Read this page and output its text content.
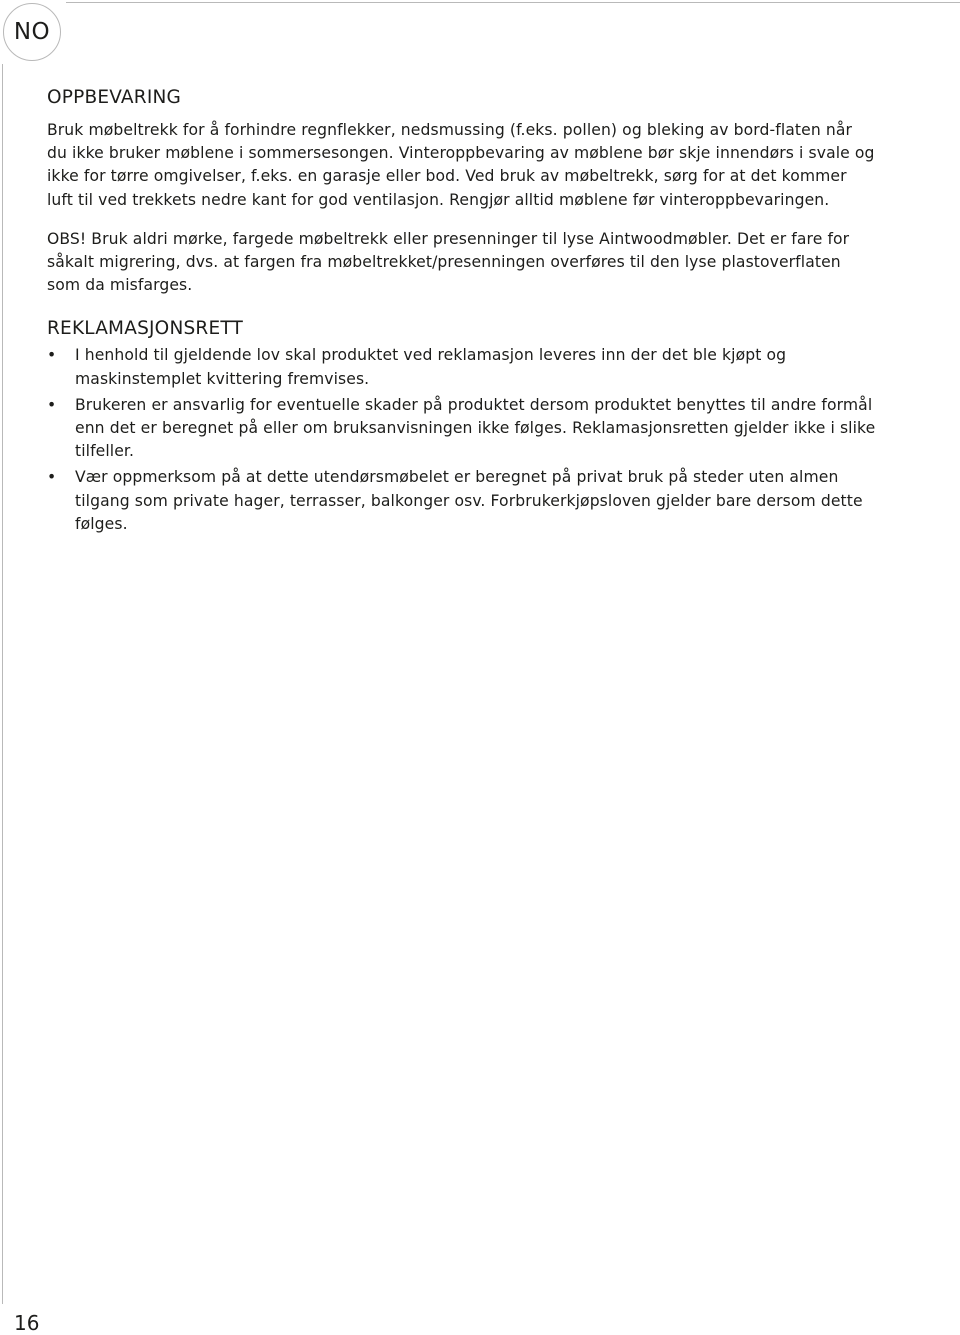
NO
OPPBEVARING

Bruk møbeltrekk for å forhindre regnflekker, nedsmussing (f.eks. pollen) og bleking av bord-flaten når du ikke bruker møblene i sommersesongen. Vinteroppbevaring av møblene bør skje innendørs i svale og ikke for tørre omgivelser, f.eks. en garasje eller bod. Ved bruk av møbeltrekk, sørg for at det kommer luft til ved trekkets nedre kant for god ventilasjon. Rengjør alltid møblene før vinteroppbevaringen.

OBS! Bruk aldri mørke, fargede møbeltrekk eller presenninger til lyse Aintwoodmøbler. Det er fare for såkalt migrering, dvs. at fargen fra møbeltrekket/presenningen overføres til den lyse plastoverflaten som da misfarges.

REKLAMASJONSRETT
• I henhold til gjeldende lov skal produktet ved reklamasjon leveres inn der det ble kjøpt og maskinstemplet kvittering fremvises.
• Brukeren er ansvarlig for eventuelle skader på produktet dersom produktet benyttes til andre formål enn det er beregnet på eller om bruksanvisningen ikke følges. Reklamasjonsretten gjelder ikke i slike tilfeller.
• Vær oppmerksom på at dette utendørsmøbelet er beregnet på privat bruk på steder uten almen tilgang som private hager, terrasser, balkonger osv. Forbrukerkjøpsloven gjelder bare dersom dette følges.
16
